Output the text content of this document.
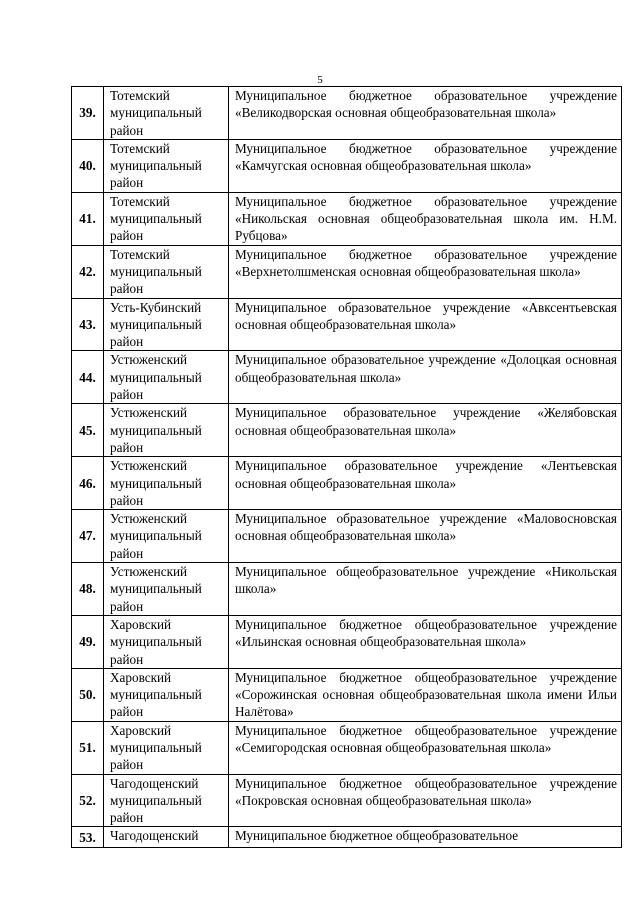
5
39.	Тотемский муниципальный район	Муниципальное бюджетное образовательное учреждение «Великодворская основная общеобразовательная школа»
40.	Тотемский муниципальный район	Муниципальное бюджетное образовательное учреждение «Камчугская основная общеобразовательная школа»
41.	Тотемский муниципальный район	Муниципальное бюджетное образовательное учреждение «Никольская основная общеобразовательная школа им. Н.М. Рубцова»
42.	Тотемский муниципальный район	Муниципальное бюджетное образовательное учреждение «Верхнетолшменская основная общеобразовательная школа»
43.	Усть-Кубинский муниципальный район	Муниципальное образовательное учреждение «Авксентьевская основная общеобразовательная школа»
44.	Устюженский муниципальный район	Муниципальное образовательное учреждение «Долоцкая основная общеобразовательная школа»
45.	Устюженский муниципальный район	Муниципальное образовательное учреждение «Желябовская основная общеобразовательная школа»
46.	Устюженский муниципальный район	Муниципальное образовательное учреждение «Лентьевская основная общеобразовательная школа»
47.	Устюженский муниципальный район	Муниципальное образовательное учреждение «Маловосновская основная общеобразовательная школа»
48.	Устюженский муниципальный район	Муниципальное общеобразовательное учреждение «Никольская школа»
49.	Харовский муниципальный район	Муниципальное бюджетное общеобразовательное учреждение «Ильинская основная общеобразовательная школа»
50.	Харовский муниципальный район	Муниципальное бюджетное общеобразовательное учреждение «Сорожинская основная общеобразовательная школа имени Ильи Налётова»
51.	Харовский муниципальный район	Муниципальное бюджетное общеобразовательное учреждение «Семигородская основная общеобразовательная школа»
52.	Чагодощенский муниципальный район	Муниципальное бюджетное общеобразовательное учреждение «Покровская основная общеобразовательная школа»
53.	Чагодощенский	Муниципальное бюджетное общеобразовательное
